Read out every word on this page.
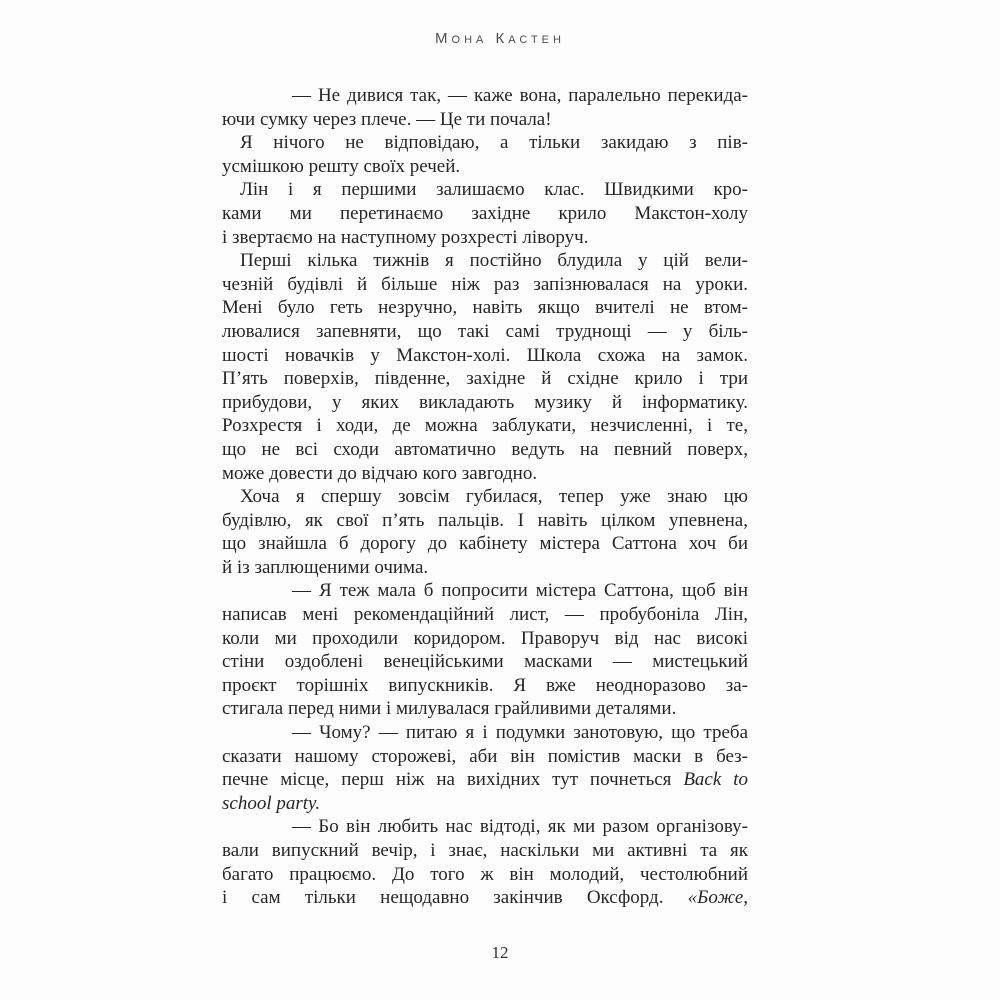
Мона Кастен
— Не дивися так, — каже вона, паралельно перекида-
ючи сумку через плече. — Це ти почала!
Я нічого не відповідаю, а тільки закидаю з пів-
усмішкою решту своїх речей.
Лін і я першими залишаємо клас. Швидкими кро-
ками ми перетинаємо західне крило Макстон-холу
і звертаємо на наступному розхресті ліворуч.
Перші кілька тижнів я постійно блудила у цій вели-
чезній будівлі й більше ніж раз запізнювалася на уроки.
Мені було геть незручно, навіть якщо вчителі не втом-
лювалися запевняти, що такі самі труднощі — у біль-
шості новачків у Макстон-холі. Школа схожа на замок.
П’ять поверхів, південне, західне й східне крило і три
прибудови, у яких викладають музику й інформатику.
Розхрестя і ходи, де можна заблукати, незчисленні, і те,
що не всі сходи автоматично ведуть на певний поверх,
може довести до відчаю кого завгодно.
Хоча я спершу зовсім губилася, тепер уже знаю цю
будівлю, як свої п’ять пальців. І навіть цілком упевнена,
що знайшла б дорогу до кабінету містера Саттона хоч би
й із заплющеними очима.
— Я теж мала б попросити містера Саттона, щоб він
написав мені рекомендаційний лист, — пробубоніла Лін,
коли ми проходили коридором. Праворуч від нас високі
стіни оздоблені венеційськими масками — мистецький
проєкт торішніх випускників. Я вже неодноразово за-
стигала перед ними і милувалася грайливими деталями.
— Чому? — питаю я і подумки занотовую, що треба
сказати нашому сторожеві, аби він помістив маски в без-
печне місце, перш ніж на вихідних тут почнеться Back to
school party.
— Бо він любить нас відтоді, як ми разом організову-
вали випускний вечір, і знає, наскільки ми активні та як
багато працюємо. До того ж він молодий, честолюбний
і сам тільки нещодавно закінчив Оксфорд. «Боже,
12
